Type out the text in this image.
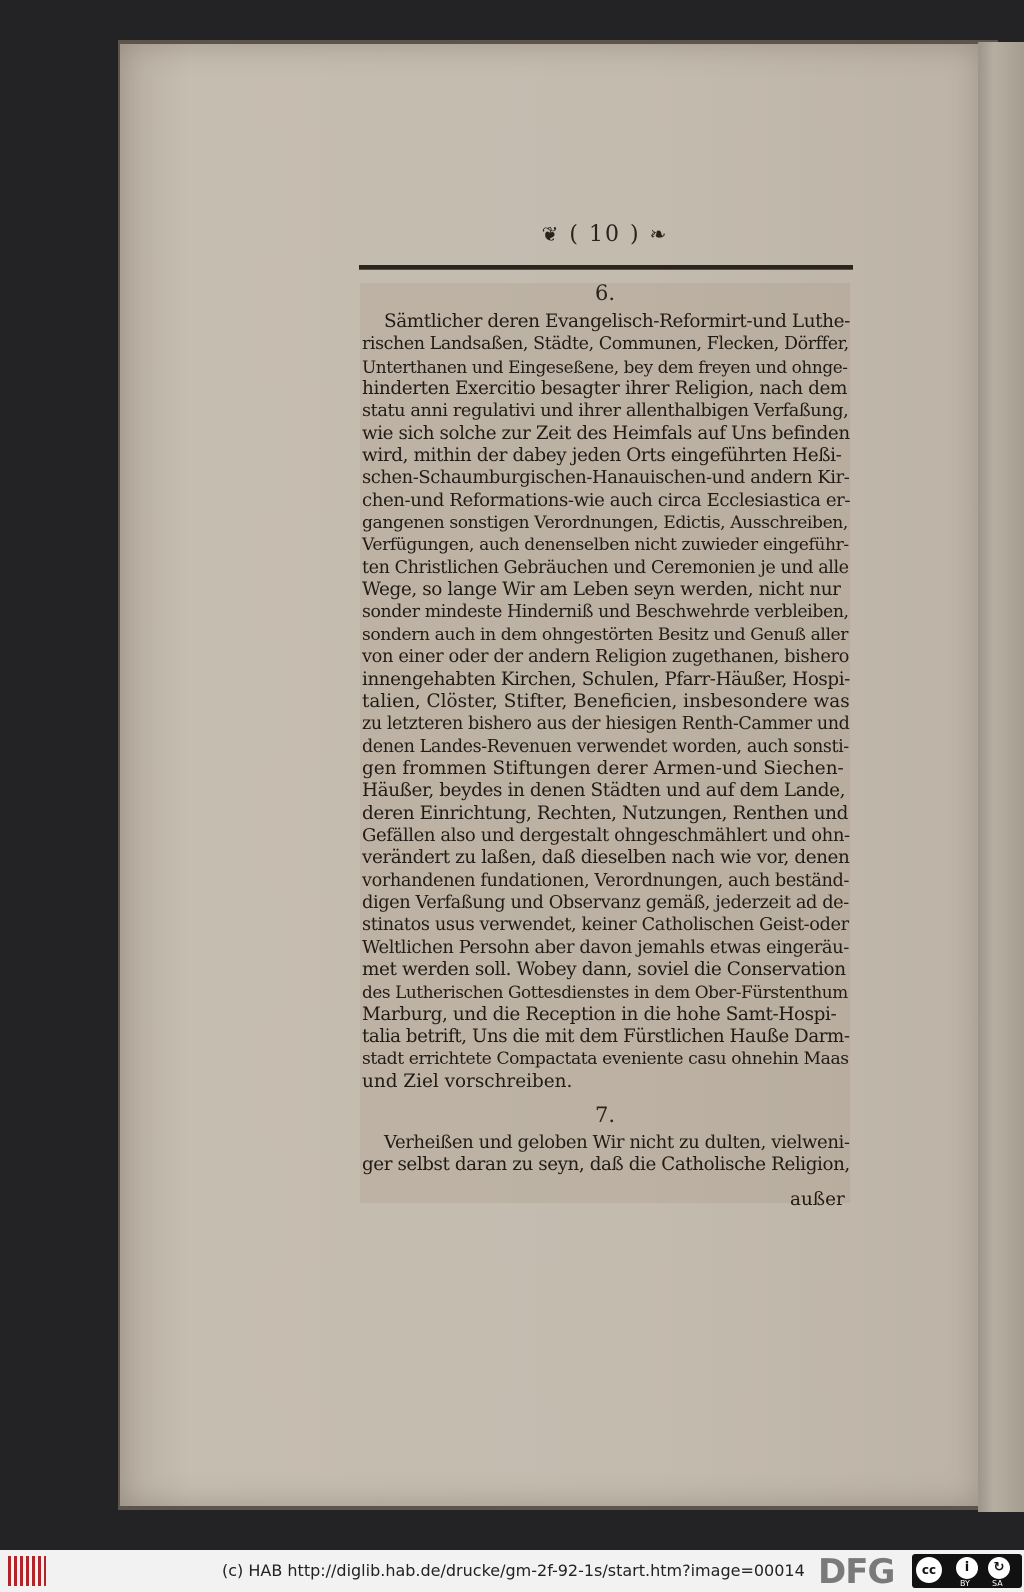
❦ ( 10 ) ❧
6.

Sämtlicher deren Evangelisch-Reformirt-und Luthe-
rischen Landsaßen, Städte, Communen, Flecken, Dörffer,
Unterthanen und Eingeseßene, bey dem freyen und ohnge-
hinderten Exercitio besagter ihrer Religion, nach dem
statu anni regulativi und ihrer allenthalbigen Verfaßung,
wie sich solche zur Zeit des Heimfals auf Uns befinden
wird, mithin der dabey jeden Orts eingeführten Heßi-
schen-Schaumburgischen-Hanauischen-und andern Kir-
chen-und Reformations-wie auch circa Ecclesiastica er-
gangenen sonstigen Verordnungen, Edictis, Ausschreiben,
Verfügungen, auch denenselben nicht zuwieder eingeführ-
ten Christlichen Gebräuchen und Ceremonien je und alle
Wege, so lange Wir am Leben seyn werden, nicht nur
sonder mindeste Hinderniß und Beschwehrde verbleiben,
sondern auch in dem ohngestörten Besitz und Genuß aller
von einer oder der andern Religion zugethanen, bishero
innengehabten Kirchen, Schulen, Pfarr-Häußer, Hospi-
talien, Clöster, Stifter, Beneficien, insbesondere was
zu letzteren bishero aus der hiesigen Renth-Cammer und
denen Landes-Revenuen verwendet worden, auch sonsti-
gen frommen Stiftungen derer Armen-und Siechen-
Häußer, beydes in denen Städten und auf dem Lande,
deren Einrichtung, Rechten, Nutzungen, Renthen und
Gefällen also und dergestalt ohngeschmählert und ohn-
verändert zu laßen, daß dieselben nach wie vor, denen
vorhandenen fundationen, Verordnungen, auch beständ-
digen Verfaßung und Observanz gemäß, jederzeit ad de-
stinatos usus verwendet, keiner Catholischen Geist-oder
Weltlichen Persohn aber davon jemahls etwas eingeräu-
met werden soll. Wobey dann, soviel die Conservation
des Lutherischen Gottesdienstes in dem Ober-Fürstenthum
Marburg, und die Reception in die hohe Samt-Hospi-
talia betrift, Uns die mit dem Fürstlichen Hauße Darm-
stadt errichtete Compactata eveniente casu ohnehin Maas
und Ziel vorschreiben.

7.

Verheißen und geloben Wir nicht zu dulten, vielweni-
ger selbst daran zu seyn, daß die Catholische Religion,

außer
(c) HAB http://diglib.hab.de/drucke/gm-2f-92-1s/start.htm?image=00014 DFG	cc	i	↻
BY	SA
